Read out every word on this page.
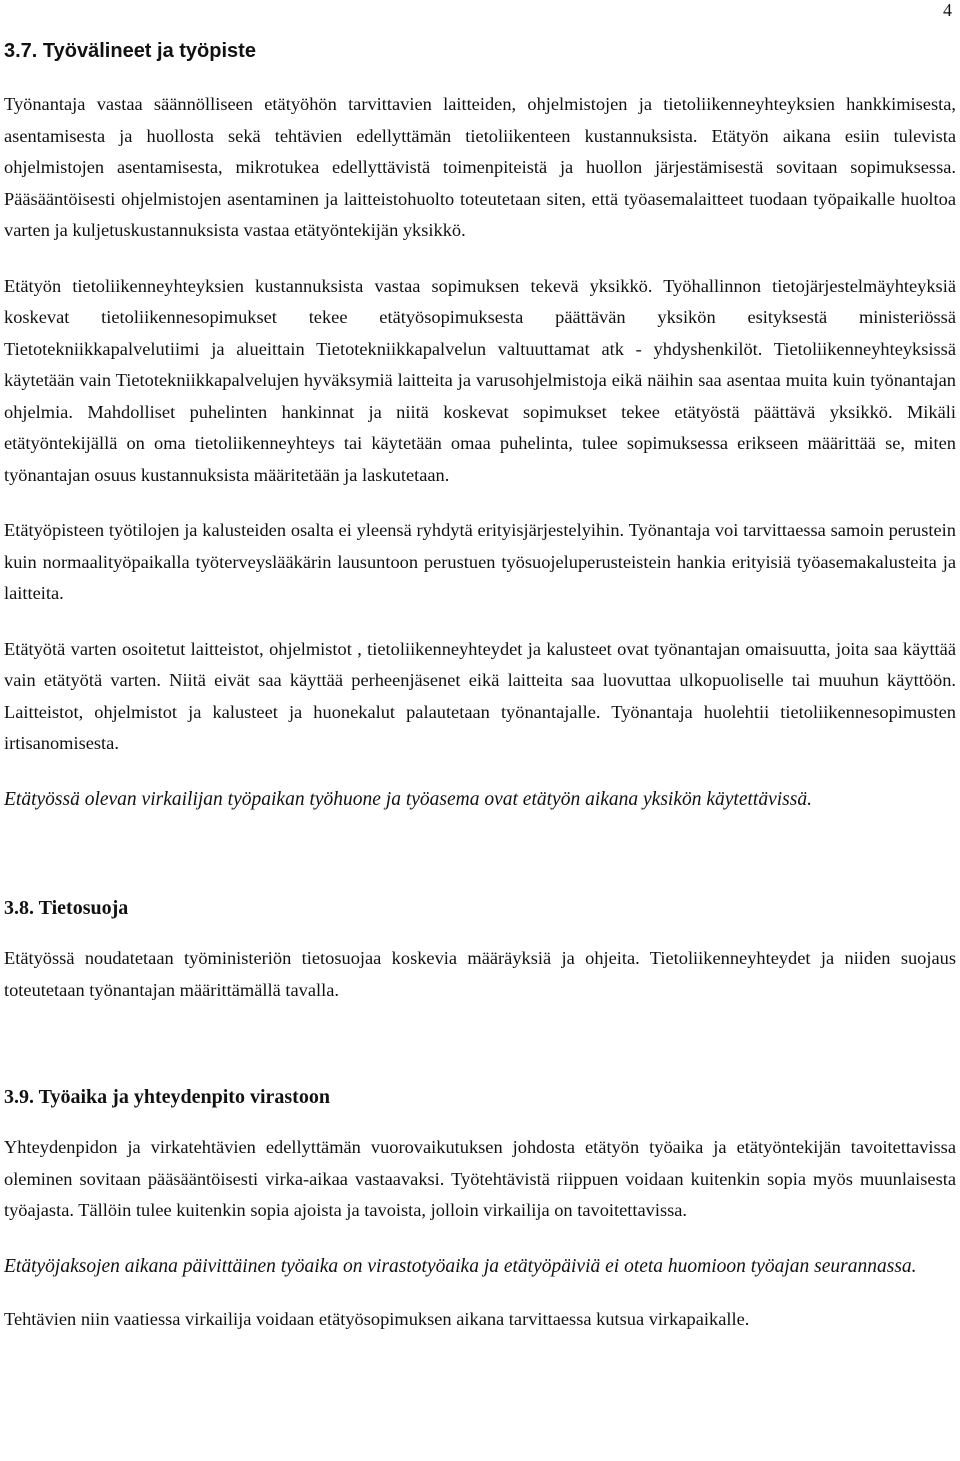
4
3.7. Työvälineet ja työpiste

Työnantaja vastaa säännölliseen etätyöhön tarvittavien laitteiden, ohjelmistojen ja tietoliikenneyhteyksien hankkimisesta, asentamisesta ja huollosta sekä tehtävien edellyttämän tietoliikenteen kustannuksista. Etätyön aikana esiin tulevista ohjelmistojen asentamisesta, mikrotukea edellyttävistä toimenpiteistä ja huollon järjestämisestä sovitaan sopimuksessa. Pääsääntöisesti ohjelmistojen asentaminen ja laitteistohuolto toteutetaan siten, että työasemalaitteet tuodaan työpaikalle huoltoa varten ja kuljetuskustannuksista vastaa etätyöntekijän yksikkö.

Etätyön tietoliikenneyhteyksien kustannuksista vastaa sopimuksen tekevä yksikkö. Työhallinnon tietojärjestelmäyhteyksiä koskevat tietoliikennesopimukset tekee etätyösopimuksesta päättävän yksikön esityksestä ministeriössä Tietotekniikkapalvelutiimi ja alueittain Tietotekniikkapalvelun valtuuttamat atk - yhdyshenkilöt. Tietoliikenneyhteyksissä käytetään vain Tietotekniikkapalvelujen hyväksymiä laitteita ja varusohjelmistoja eikä näihin saa asentaa muita kuin työnantajan ohjelmia. Mahdolliset puhelinten hankinnat ja niitä koskevat sopimukset tekee etätyöstä päättävä yksikkö. Mikäli etätyöntekijällä on oma tietoliikenneyhteys tai käytetään omaa puhelinta, tulee sopimuksessa erikseen määrittää se, miten työnantajan osuus kustannuksista määritetään ja laskutetaan.

Etätyöpisteen työtilojen ja kalusteiden osalta ei yleensä ryhdytä erityisjärjestelyihin. Työnantaja voi tarvittaessa samoin perustein kuin normaalityöpaikalla työterveyslääkärin lausuntoon perustuen työsuojeluperusteistein hankia erityisiä työasemakalusteita ja laitteita.

Etätyötä varten osoitetut laitteistot, ohjelmistot , tietoliikenneyhteydet ja kalusteet ovat työnantajan omaisuutta, joita saa käyttää vain etätyötä varten. Niitä eivät saa käyttää perheenjäsenet eikä laitteita saa luovuttaa ulkopuoliselle tai muuhun käyttöön. Laitteistot, ohjelmistot ja kalusteet ja huonekalut palautetaan työnantajalle. Työnantaja huolehtii tietoliikennesopimusten irtisanomisesta.

Etätyössä olevan virkailijan työpaikan työhuone ja työasema ovat etätyön aikana yksikön käytettävissä.

3.8. Tietosuoja

Etätyössä noudatetaan työministeriön tietosuojaa koskevia määräyksiä ja ohjeita. Tietoliikenneyhteydet ja niiden suojaus toteutetaan työnantajan määrittämällä tavalla.

3.9. Työaika ja yhteydenpito virastoon

Yhteydenpidon ja virkatehtävien edellyttämän vuorovaikutuksen johdosta etätyön työaika ja etätyöntekijän tavoitettavissa oleminen sovitaan pääsääntöisesti virka-aikaa vastaavaksi. Työtehtävistä riippuen voidaan kuitenkin sopia myös muunlaisesta työajasta. Tällöin tulee kuitenkin sopia ajoista ja tavoista, jolloin virkailija on tavoitettavissa.

Etätyöjaksojen aikana päivittäinen työaika on virastotyöaika ja etätyöpäiviä ei oteta huomioon työajan seurannassa.

Tehtävien niin vaatiessa virkailija voidaan etätyösopimuksen aikana tarvittaessa kutsua virkapaikalle.
